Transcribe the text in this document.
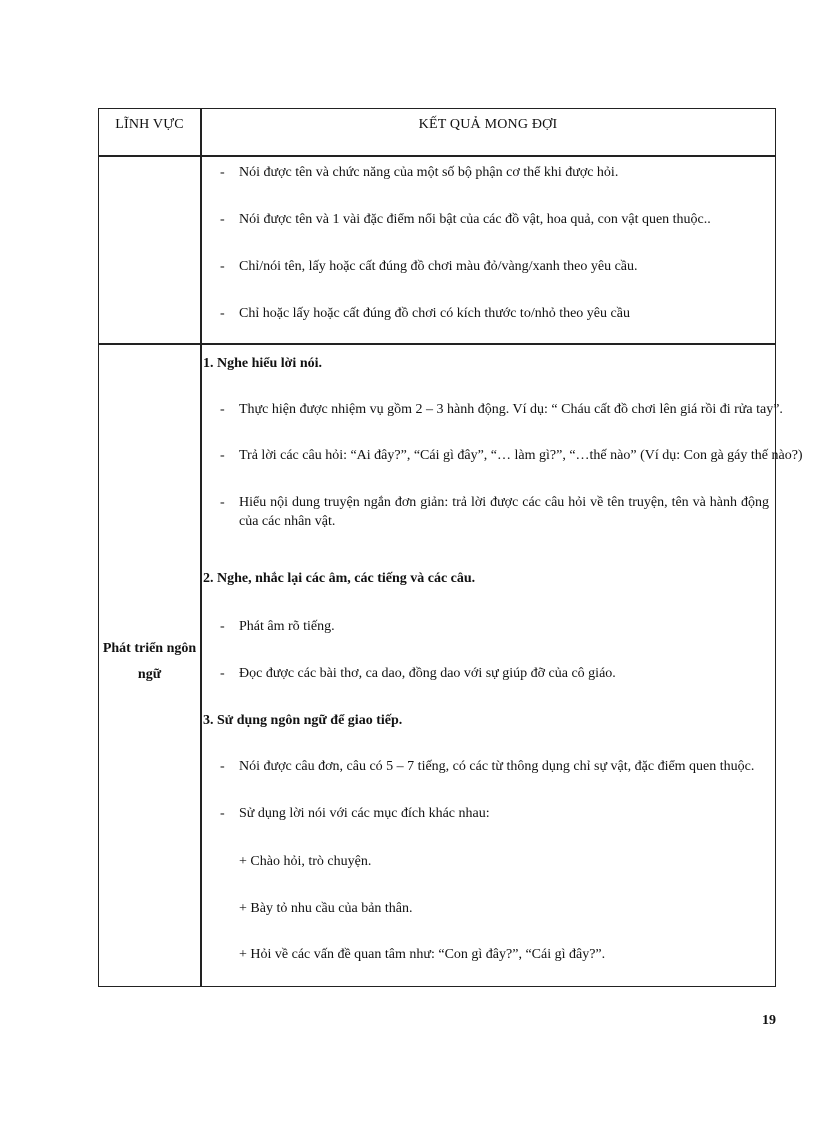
LĨNH VỰC	KẾT QUẢ MONG ĐỢI
- Nói được tên và chức năng của một số bộ phận cơ thể khi được hỏi.
- Nói được tên và 1 vài đặc điểm nổi bật của các đồ vật, hoa quả, con vật quen thuộc..
- Chỉ/nói tên, lấy hoặc cất đúng đồ chơi màu đỏ/vàng/xanh theo yêu cầu.
- Chỉ hoặc lấy hoặc cất đúng đồ chơi có kích thước to/nhỏ theo yêu cầu
Phát triển ngôn ngữ
1. Nghe hiểu lời nói.
- Thực hiện được nhiệm vụ gồm 2 – 3 hành động. Ví dụ: “ Cháu cất đồ chơi lên giá rồi đi rửa tay”.
- Trả lời các câu hỏi: “Ai đây?”, “Cái gì đây”, “… làm gì?”, “…thế nào” (Ví dụ: Con gà gáy thế nào?)
- Hiểu nội dung truyện ngắn đơn giản: trả lời được các câu hỏi về tên truyện, tên và hành động của các nhân vật.
2. Nghe, nhắc lại các âm, các tiếng và các câu.
- Phát âm rõ tiếng.
- Đọc được các bài thơ, ca dao, đồng dao với sự giúp đỡ của cô giáo.
3. Sử dụng ngôn ngữ để giao tiếp.
- Nói được câu đơn, câu có 5 – 7 tiếng, có các từ thông dụng chỉ sự vật, đặc điểm quen thuộc.
- Sử dụng lời nói với các mục đích khác nhau:
+ Chào hỏi, trò chuyện.
+ Bày tỏ nhu cầu của bản thân.
+ Hỏi về các vấn đề quan tâm như: “Con gì đây?”, “Cái gì đây?”.
19
